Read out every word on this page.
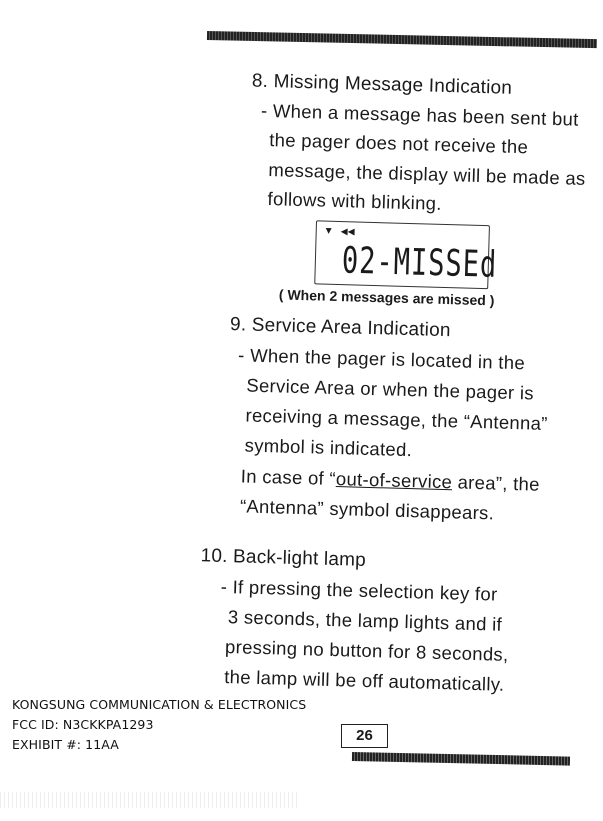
8. Missing Message Indication
- When a message has been sent but
the pager does not receive the
message, the display will be made as
follows with blinking.
▼ ◀◀
02-MISSEd
( When 2 messages are missed )
9. Service Area Indication
- When the pager is located in the
Service Area or when the pager is
receiving a message, the “Antenna”
symbol is indicated.
In case of “out-of-service area”, the
“Antenna” symbol disappears.
10. Back-light lamp
- If pressing the selection key for
3 seconds, the lamp lights and if
pressing no button for 8 seconds,
the lamp will be off automatically.
KONGSUNG COMMUNICATION & ELECTRONICS
FCC ID: N3CKKPA1293
EXHIBIT #: 11AA
26
